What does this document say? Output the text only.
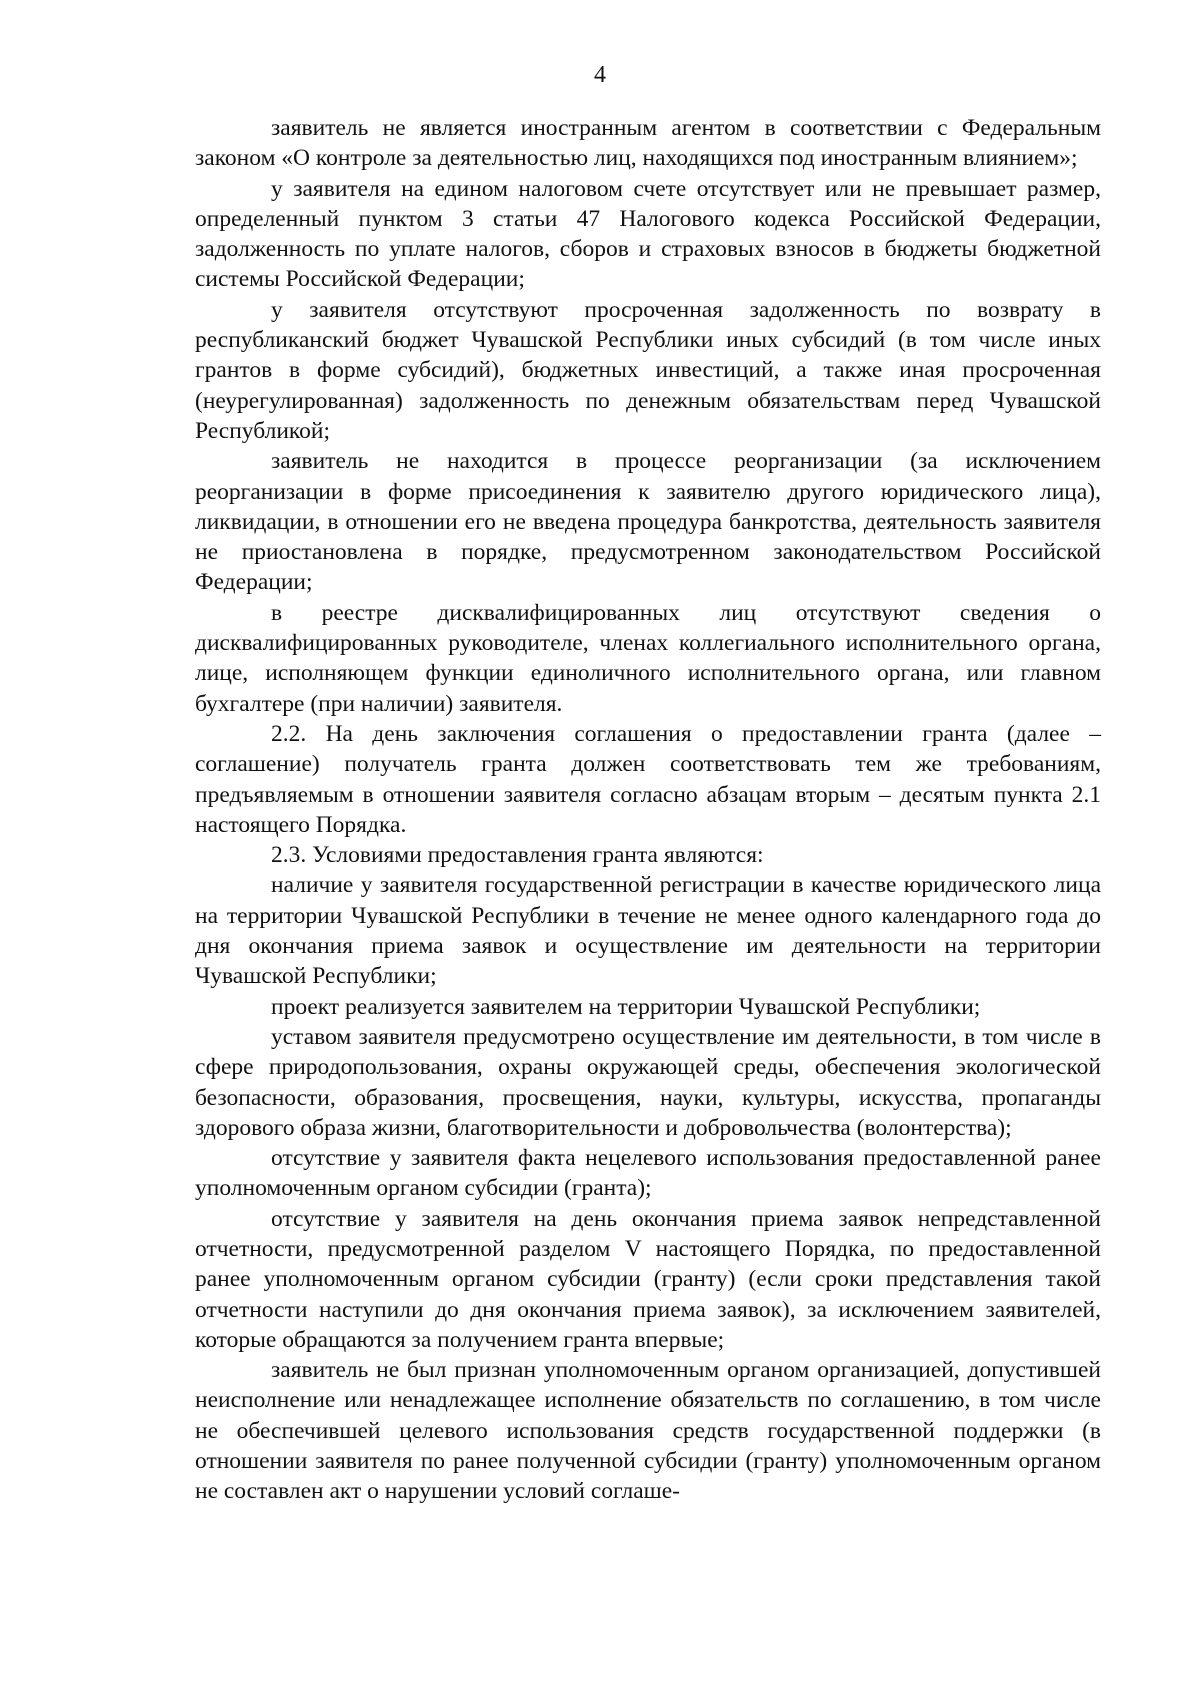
4

заявитель не является иностранным агентом в соответствии с Федеральным законом «О контроле за деятельностью лиц, находящихся под иностранным влиянием»;

у заявителя на едином налоговом счете отсутствует или не превышает размер, определенный пунктом 3 статьи 47 Налогового кодекса Российской Федерации, задолженность по уплате налогов, сборов и страховых взносов в бюджеты бюджетной системы Российской Федерации;

у заявителя отсутствуют просроченная задолженность по возврату в республиканский бюджет Чувашской Республики иных субсидий (в том числе иных грантов в форме субсидий), бюджетных инвестиций, а также иная просроченная (неурегулированная) задолженность по денежным обязательствам перед Чувашской Республикой;

заявитель не находится в процессе реорганизации (за исключением реорганизации в форме присоединения к заявителю другого юридического лица), ликвидации, в отношении его не введена процедура банкротства, деятельность заявителя не приостановлена в порядке, предусмотренном законодательством Российской Федерации;

в реестре дисквалифицированных лиц отсутствуют сведения о дисквалифицированных руководителе, членах коллегиального исполнительного органа, лице, исполняющем функции единоличного исполнительного органа, или главном бухгалтере (при наличии) заявителя.

2.2. На день заключения соглашения о предоставлении гранта (далее – соглашение) получатель гранта должен соответствовать тем же требованиям, предъявляемым в отношении заявителя согласно абзацам вторым – десятым пункта 2.1 настоящего Порядка.

2.3. Условиями предоставления гранта являются:

наличие у заявителя государственной регистрации в качестве юридического лица на территории Чувашской Республики в течение не менее одного календарного года до дня окончания приема заявок и осуществление им деятельности на территории Чувашской Республики;

проект реализуется заявителем на территории Чувашской Республики;

уставом заявителя предусмотрено осуществление им деятельности, в том числе в сфере природопользования, охраны окружающей среды, обеспечения экологической безопасности, образования, просвещения, науки, культуры, искусства, пропаганды здорового образа жизни, благотворительности и добровольчества (волонтерства);

отсутствие у заявителя факта нецелевого использования предоставленной ранее уполномоченным органом субсидии (гранта);

отсутствие у заявителя на день окончания приема заявок непредставленной отчетности, предусмотренной разделом V настоящего Порядка, по предоставленной ранее уполномоченным органом субсидии (гранту) (если сроки представления такой отчетности наступили до дня окончания приема заявок), за исключением заявителей, которые обращаются за получением гранта впервые;

заявитель не был признан уполномоченным органом организацией, допустившей неисполнение или ненадлежащее исполнение обязательств по соглашению, в том числе не обеспечившей целевого использования средств государственной поддержки (в отношении заявителя по ранее полученной субсидии (гранту) уполномоченным органом не составлен акт о нарушении условий соглаше-
